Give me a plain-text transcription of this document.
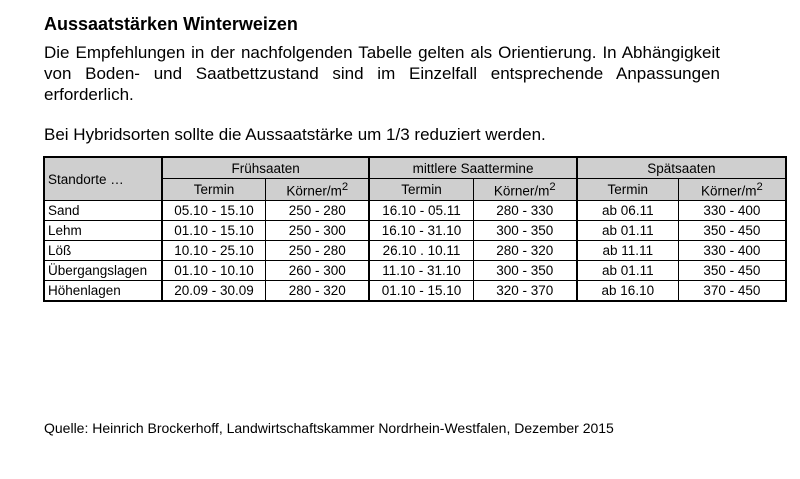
Aussaatstärken Winterweizen
Die Empfehlungen in der nachfolgenden Tabelle gelten als Orientierung. In Abhängigkeit von Boden- und Saatbettzustand sind im Einzelfall entsprechende Anpassungen erforderlich.
Bei Hybridsorten sollte die Aussaatstärke um 1/3 reduziert werden.
Standorte …	Frühsaaten		mittlere Saattermine		Spätsaaten	
	Termin	Körner/$m^2$	Termin	Körner/$m^2$	Termin	Körner/$m^2$
Sand	05.10 - 15.10	250 - 280	16.10 - 05.11	280 - 330	ab 06.11	330 - 400
Lehm	01.10 - 15.10	250 - 300	16.10 - 31.10	300 - 350	ab 01.11	350 - 450
Löß	10.10 - 25.10	250 - 280	26.10 . 10.11	280 - 320	ab 11.11	330 - 400
Übergangslagen	01.10 - 10.10	260 - 300	11.10 - 31.10	300 - 350	ab 01.11	350 - 450
Höhenlagen	20.09 - 30.09	280 - 320	01.10 - 15.10	320 - 370	ab 16.10	370 - 450
Quelle: Heinrich Brockerhoff, Landwirtschaftskammer Nordrhein-Westfalen, Dezember 2015
